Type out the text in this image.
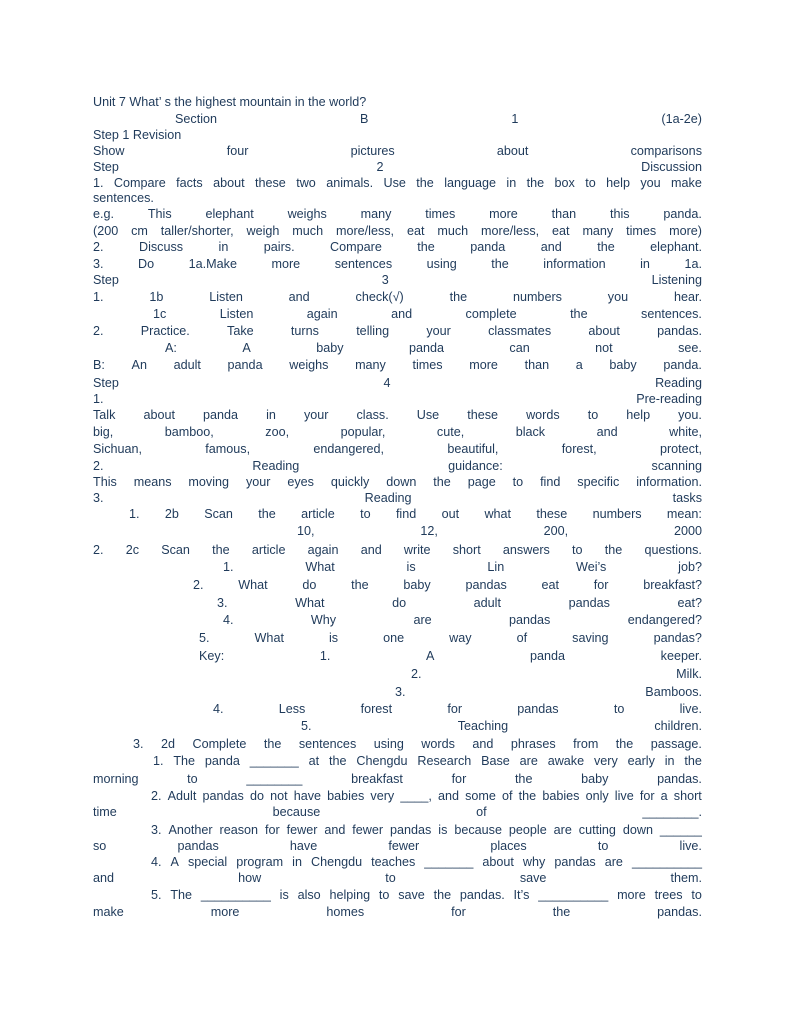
Unit 7 What’ s the highest mountain in the world?
Section	B	1	(1a-2e)
Step 1 Revision
Show	four	pictures	about	comparisons
Step	2	Discussion
1. Compare facts about these two animals. Use the language in the box to help you make
sentences.
e.g.	This	elephant	weighs	many	times	more	than	this	panda.
(200 cm taller/shorter, weigh much more/less, eat much more/less, eat many times more)
2.	Discuss	in	pairs.	Compare	the	panda	and	the	elephant.
3.	Do	1a.Make	more	sentences	using	the	information	in	1a.
Step	3	Listening
1.	1b	Listen	and	check(√)	the	numbers	you	hear.
1c	Listen	again	and	complete	the	sentences.
2.	Practice.	Take	turns	telling	your	classmates	about	pandas.
A:	A	baby	panda	can	not	see.
B: An adult panda weighs many times more than a baby panda.
Step	4	Reading
1.	Pre-reading
Talk about panda in your class. Use these words to help you.
big,	bamboo,	zoo,	popular,	cute,	black	and	white,
Sichuan,	famous,	endangered,	beautiful,	forest,	protect,
2.	Reading	guidance:	scanning
This means moving your eyes quickly down the page to find specific information.
3.	Reading	tasks
1. 2b Scan the article to find out what these numbers mean:
10,	12,	200,	2000
2. 2c Scan the article again and write short answers to the questions.
1.	What	is	Lin	Wei’s	job?
2.	What	do	the	baby	pandas	eat	for	breakfast?
3.	What	do	adult	pandas	eat?
4.	Why	are	pandas	endangered?
5.	What	is	one	way	of	saving	pandas?
Key:	1.	A	panda	keeper.
2.	Milk.
3.	Bamboos.
4.	Less	forest	for	pandas	to	live.
5.	Teaching	children.
3. 2d Complete the sentences using words and phrases from the passage.
1. The panda _______ at the Chengdu Research Base are awake very early in the
morning	to	________	breakfast	for	the	baby	pandas.
2. Adult pandas do not have babies very ____, and some of the babies only live for a short
time	because	of	________.
3. Another reason for fewer and fewer pandas is because people are cutting down ______
so	pandas	have	fewer	places	to	live.
4. A special program in Chengdu teaches _______ about why pandas are __________
and	how	to	save	them.
5. The __________ is also helping to save the pandas. It’s __________ more trees to
make	more	homes	for	the	pandas.
